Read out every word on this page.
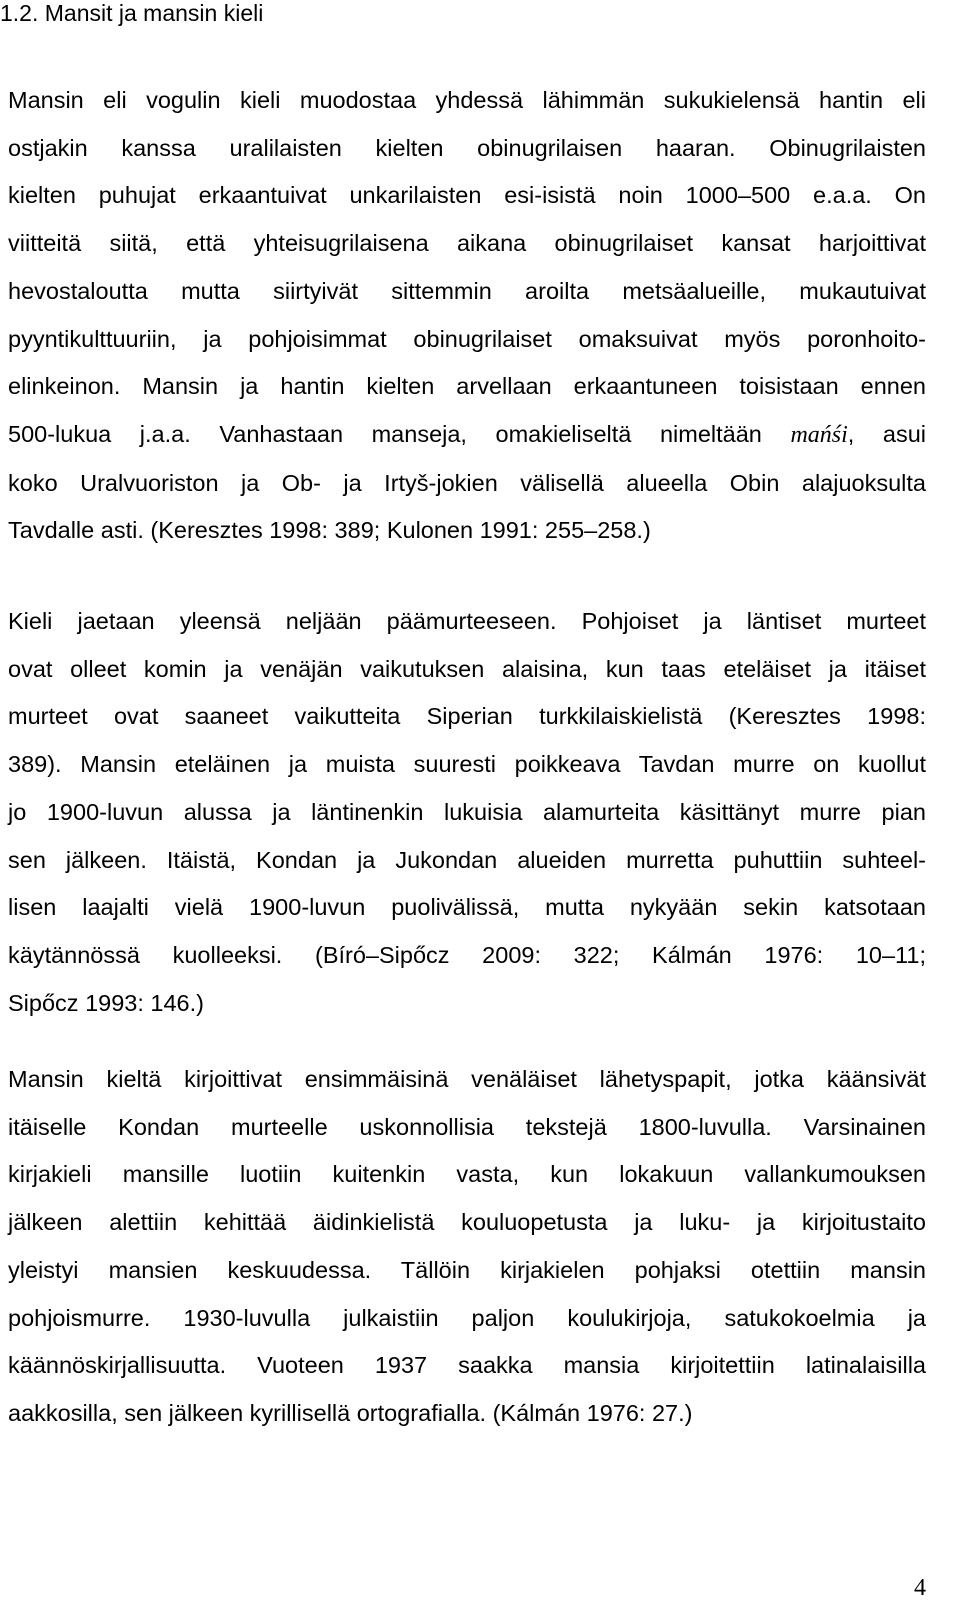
1.2. Mansit ja mansin kieli
Mansin eli vogulin kieli muodostaa yhdessä lähimmän sukukielensä hantin eli
ostjakin kanssa uralilaisten kielten obinugrilaisen haaran. Obinugrilaisten
kielten puhujat erkaantuivat unkarilaisten esi-isistä noin 1000–500 e.a.a. On
viitteitä siitä, että yhteisugrilaisena aikana obinugrilaiset kansat harjoittivat
hevostaloutta mutta siirtyivät sittemmin aroilta metsäalueille, mukautuivat
pyyntikulttuuriin, ja pohjoisimmat obinugrilaiset omaksuivat myös poronhoito-
elinkeinon. Mansin ja hantin kielten arvellaan erkaantuneen toisistaan ennen
500-lukua j.a.a. Vanhastaan manseja, omakieliseltä nimeltään mańśi, asui
koko Uralvuoriston ja Ob- ja Irtyš-jokien välisellä alueella Obin alajuoksulta
Tavdalle asti. (Keresztes 1998: 389; Kulonen 1991: 255–258.)
Kieli jaetaan yleensä neljään päämurteeseen. Pohjoiset ja läntiset murteet
ovat olleet komin ja venäjän vaikutuksen alaisina, kun taas eteläiset ja itäiset
murteet ovat saaneet vaikutteita Siperian turkkilaiskielistä (Keresztes 1998:
389). Mansin eteläinen ja muista suuresti poikkeava Tavdan murre on kuollut
jo 1900-luvun alussa ja läntinenkin lukuisia alamurteita käsittänyt murre pian
sen jälkeen. Itäistä, Kondan ja Jukondan alueiden murretta puhuttiin suhteel-
lisen laajalti vielä 1900-luvun puolivälissä, mutta nykyään sekin katsotaan
käytännössä kuolleeksi. (Bíró–Sipőcz 2009: 322; Kálmán 1976: 10–11;
Sipőcz 1993: 146.)
Mansin kieltä kirjoittivat ensimmäisinä venäläiset lähetyspapit, jotka käänsivät
itäiselle Kondan murteelle uskonnollisia tekstejä 1800-luvulla. Varsinainen
kirjakieli mansille luotiin kuitenkin vasta, kun lokakuun vallankumouksen
jälkeen alettiin kehittää äidinkielistä kouluopetusta ja luku- ja kirjoitustaito
yleistyi mansien keskuudessa. Tällöin kirjakielen pohjaksi otettiin mansin
pohjoismurre. 1930-luvulla julkaistiin paljon koulukirjoja, satukokoelmia ja
käännöskirjallisuutta. Vuoteen 1937 saakka mansia kirjoitettiin latinalaisilla
aakkosilla, sen jälkeen kyrillisellä ortografialla. (Kálmán 1976: 27.)
4
